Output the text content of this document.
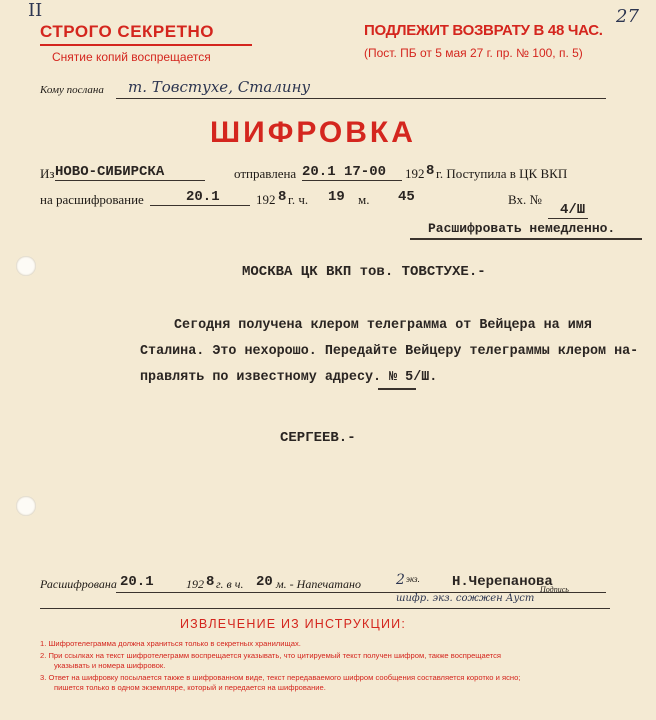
II	27
СТРОГО СЕКРЕТНО
Снятие копий воспрещается
ПОДЛЕЖИТ ВОЗВРАТУ В 48 ЧАС.
(Пост. ПБ от 5 мая 27 г. пр. № 100, п. 5)
Кому послана т. Товстухе, Сталину
ШИФРОВКА
Из НОВО-СИБИРСКА	отправлена 20.1 17-00 192 8 г. Поступила в ЦК ВКП
на расшифрование	20.1	192 8 г. ч. 19 м. 45	Вх. №
4/Ш
Расшифровать немедленно.
МОСКВА ЦК ВКП тов. ТОВСТУХЕ.-
Сегодня получена клером телеграмма от Вейцера на имя
Сталина. Это нехорошо. Передайте Вейцеру телеграммы клером на-
правлять по известному адресу. № 5/Ш.
СЕРГЕЕВ.-
Расшифрована 20.1	192 8 г. в ч. 20 м. - Напечатано	2 экз. Н.Черепанова
Подпись
шифр. экз. сожжен Ауст
ИЗВЛЕЧЕНИЕ ИЗ ИНСТРУКЦИИ:
1. Шифротелеграмма должна храниться только в секретных хранилищах.
2. При ссылках на текст шифротелеграмм воспрещается указывать, что цитируемый текст получен шифром, также воспрещается
указывать и номера шифровок.
3. Ответ на шифровку посылается также в шифрованном виде, текст передаваемого шифром сообщения составляется коротко и ясно;
пишется только в одном экземпляре, который и передается на шифрование.
